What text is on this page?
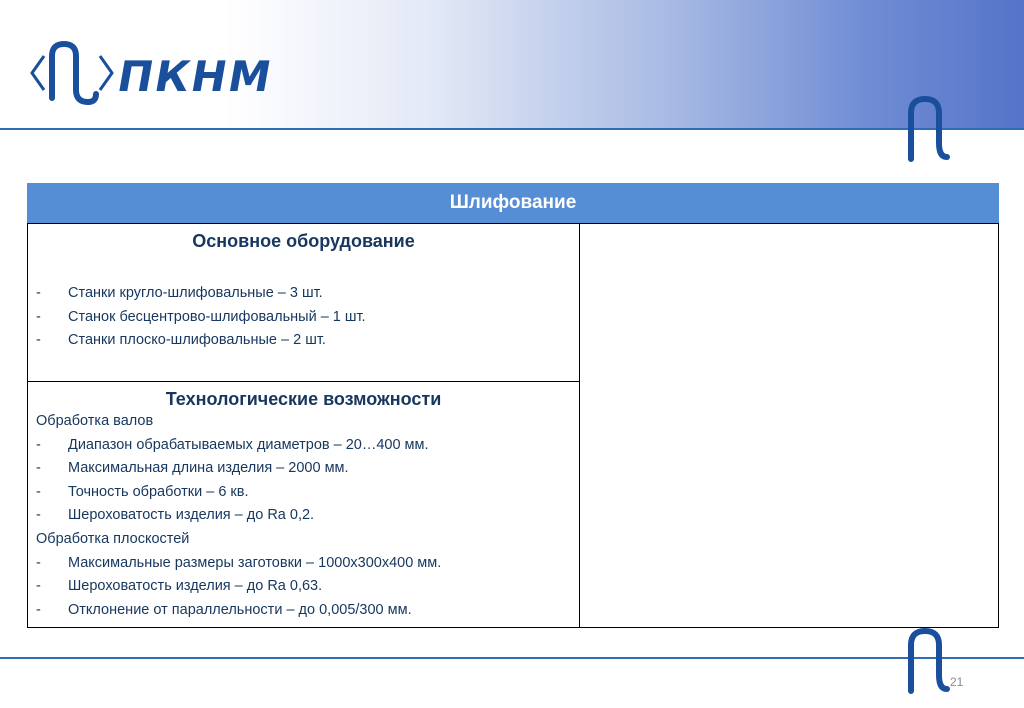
ПКНМ
Шлифование
Основное оборудование
- Станки кругло-шлифовальные – 3 шт.
- Станок бесцентрово-шлифовальный – 1 шт.
- Станки плоско-шлифовальные – 2 шт.
Технологические возможности
Обработка валов
- Диапазон обрабатываемых диаметров – 20…400 мм.
- Максимальная длина изделия – 2000 мм.
- Точность обработки – 6 кв.
- Шероховатость изделия – до Ra 0,2.
Обработка плоскостей
- Максимальные размеры заготовки – 1000х300х400 мм.
- Шероховатость изделия – до Ra 0,63.
- Отклонение от параллельности – до 0,005/300 мм.
21
